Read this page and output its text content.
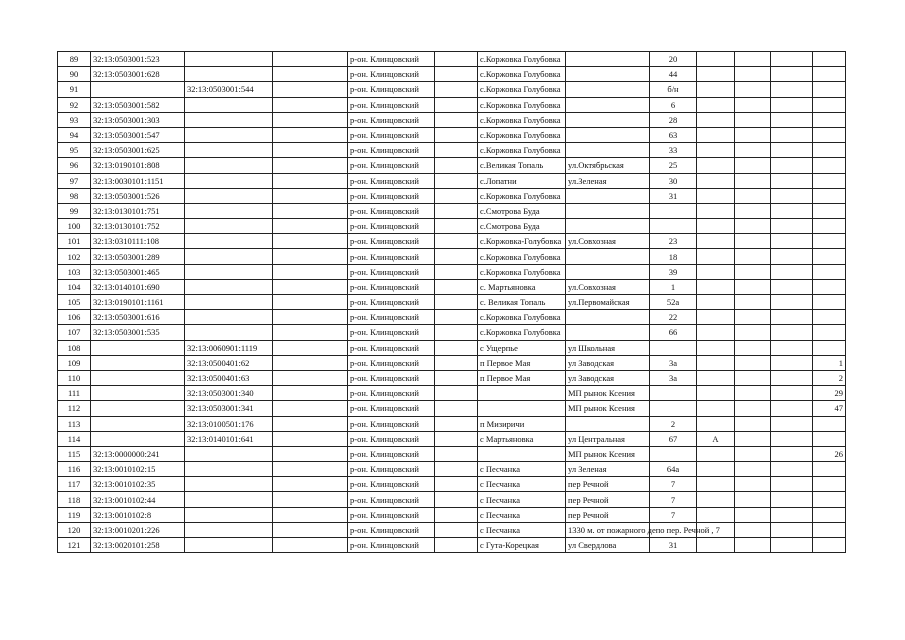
89	32:13:0503001:523			р-он. Клинцовский		с.Коржовка Голубовка		20				
90	32:13:0503001:628			р-он. Клинцовский		с.Коржовка Голубовка		44				
91		32:13:0503001:544		р-он. Клинцовский		с.Коржовка Голубовка		б/н				
92	32:13:0503001:582			р-он. Клинцовский		с.Коржовка Голубовка		6				
93	32:13:0503001:303			р-он. Клинцовский		с.Коржовка Голубовка		28				
94	32:13:0503001:547			р-он. Клинцовский		с.Коржовка Голубовка		63				
95	32:13:0503001:625			р-он. Клинцовский		с.Коржовка Голубовка		33				
96	32:13:0190101:808			р-он. Клинцовский		с.Великая Топаль	ул.Октябрьская	25				
97	32:13:0030101:1151			р-он. Клинцовский		с.Лопатни	ул.Зеленая	30				
98	32:13:0503001:526			р-он. Клинцовский		с.Коржовка Голубовка		31				
99	32:13:0130101:751			р-он. Клинцовский		с.Смотрова Буда						
100	32:13:0130101:752			р-он. Клинцовский		с.Смотрова Буда						
101	32:13:0310111:108			р-он. Клинцовский		с.Коржовка-Голубовка	ул.Совхозная	23				
102	32:13:0503001:289			р-он. Клинцовский		с.Коржовка Голубовка		18				
103	32:13:0503001:465			р-он. Клинцовский		с.Коржовка Голубовка		39				
104	32:13:0140101:690			р-он. Клинцовский		с. Мартьяновка	ул.Совхозная	1				
105	32:13:0190101:1161			р-он. Клинцовский		с. Великая Топаль	ул.Первомайская	52а				
106	32:13:0503001:616			р-он. Клинцовский		с.Коржовка Голубовка		22				
107	32:13:0503001:535			р-он. Клинцовский		с.Коржовка Голубовка		66				
108		32:13:0060901:1119		р-он. Клинцовский		с Ущерпье	ул Школьная					
109		32:13:0500401:62		р-он. Клинцовский		п Первое Мая	ул Заводская	3а				1
110		32:13:0500401:63		р-он. Клинцовский		п Первое Мая	ул Заводская	3а				2
111		32:13:0503001:340		р-он. Клинцовский			МП рынок Ксения					29
112		32:13:0503001:341		р-он. Клинцовский			МП рынок Ксения					47
113		32:13:0100501:176		р-он. Клинцовский		п Мизиричи		2				
114		32:13:0140101:641		р-он. Клинцовский		с Мартьяновка	ул Центральная	67	А			
115	32:13:0000000:241			р-он. Клинцовский			МП рынок Ксения					26
116	32:13:0010102:15			р-он. Клинцовский		с Песчанка	ул Зеленая	64а				
117	32:13:0010102:35			р-он. Клинцовский		с Песчанка	пер Речной	7				
118	32:13:0010102:44			р-он. Клинцовский		с Песчанка	пер Речной	7				
119	32:13:0010102:8			р-он. Клинцовский		с Песчанка	пер Речной	7				
120	32:13:0010201:226			р-он. Клинцовский		с Песчанка	1330 м. от пожарного депо пер. Речной , 7					
121	32:13:0020101:258			р-он. Клинцовский		с Гута-Корецкая	ул Свердлова	31				
